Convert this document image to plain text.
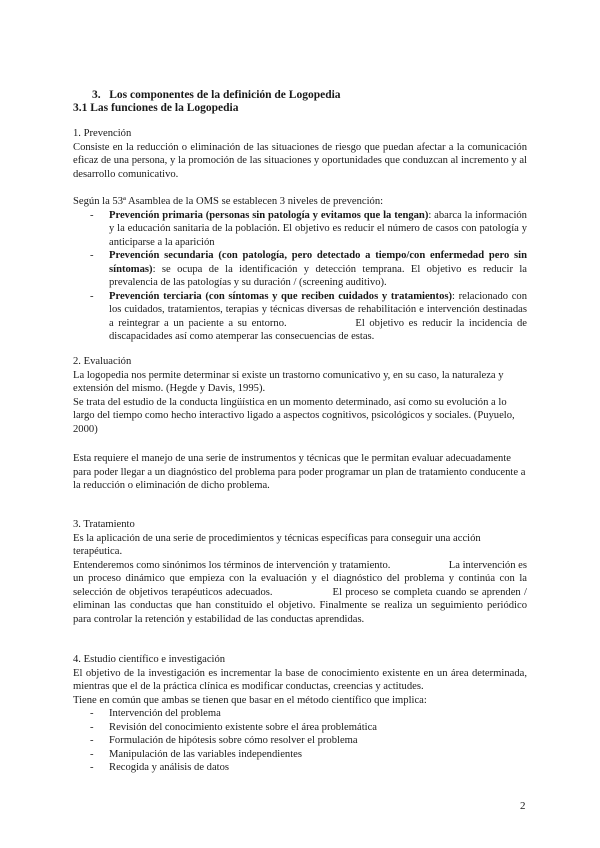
3.   Los componentes de la definición de Logopedia
3.1 Las funciones de la Logopedia

1. Prevención

Consiste en la reducción o eliminación de las situaciones de riesgo que puedan afectar a la comunicación eficaz de una persona, y la promoción de las situaciones y oportunidades que conduzcan al incremento y al desarrollo comunicativo.

Según la 53ª Asamblea de la OMS se establecen 3 niveles de prevención:

- Prevención primaria (personas sin patología y evitamos que la tengan): abarca la información y la educación sanitaria de la población. El objetivo es reducir el número de casos con patología y anticiparse a la aparición
- Prevención secundaria (con patología, pero detectado a tiempo/con enfermedad pero sin síntomas): se ocupa de la identificación y detección temprana. El objetivo es reducir la prevalencia de las patologías y su duración / (screening auditivo).
- Prevención terciaria (con síntomas y que reciben cuidados y tratamientos): relacionado con los cuidados, tratamientos, terapias y técnicas diversas de rehabilitación e intervención destinadas a reintegrar a un paciente a su entorno.               El objetivo es reducir la incidencia de discapacidades así como atemperar las consecuencias de estas.

2. Evaluación

La logopedia nos permite determinar si existe un trastorno comunicativo y, en su caso, la naturaleza y extensión del mismo. (Hegde y Davis, 1995).

Se trata del estudio de la conducta lingüística en un momento determinado, así como su evolución a lo largo del tiempo como hecho interactivo ligado a aspectos cognitivos, psicológicos y sociales. (Puyuelo, 2000)

Esta requiere el manejo de una serie de instrumentos y técnicas que le permitan evaluar adecuadamente para poder llegar a un diagnóstico del problema para poder programar un plan de tratamiento conducente a la reducción o eliminación de dicho problema.

3. Tratamiento

Es la aplicación de una serie de procedimientos y técnicas específicas para conseguir una acción terapéutica.

Entenderemos como sinónimos los términos de intervención y tratamiento.                      La intervención es un proceso dinámico que empieza con la evaluación y el diagnóstico del problema y continúa con la selección de objetivos terapéuticos adecuados.                  El proceso se completa cuando se aprenden / eliminan las conductas que han constituido el objetivo. Finalmente se realiza un seguimiento periódico para controlar la retención y estabilidad de las conductas aprendidas.

4. Estudio científico e investigación

El objetivo de la investigación es incrementar la base de conocimiento existente en un área determinada, mientras que el de la práctica clínica es modificar conductas, creencias y actitudes.

Tiene en común que ambas se tienen que basar en el método científico que implica:

- Intervención del problema
- Revisión del conocimiento existente sobre el área problemática
- Formulación de hipótesis sobre cómo resolver el problema
- Manipulación de las variables independientes
- Recogida y análisis de datos
2
